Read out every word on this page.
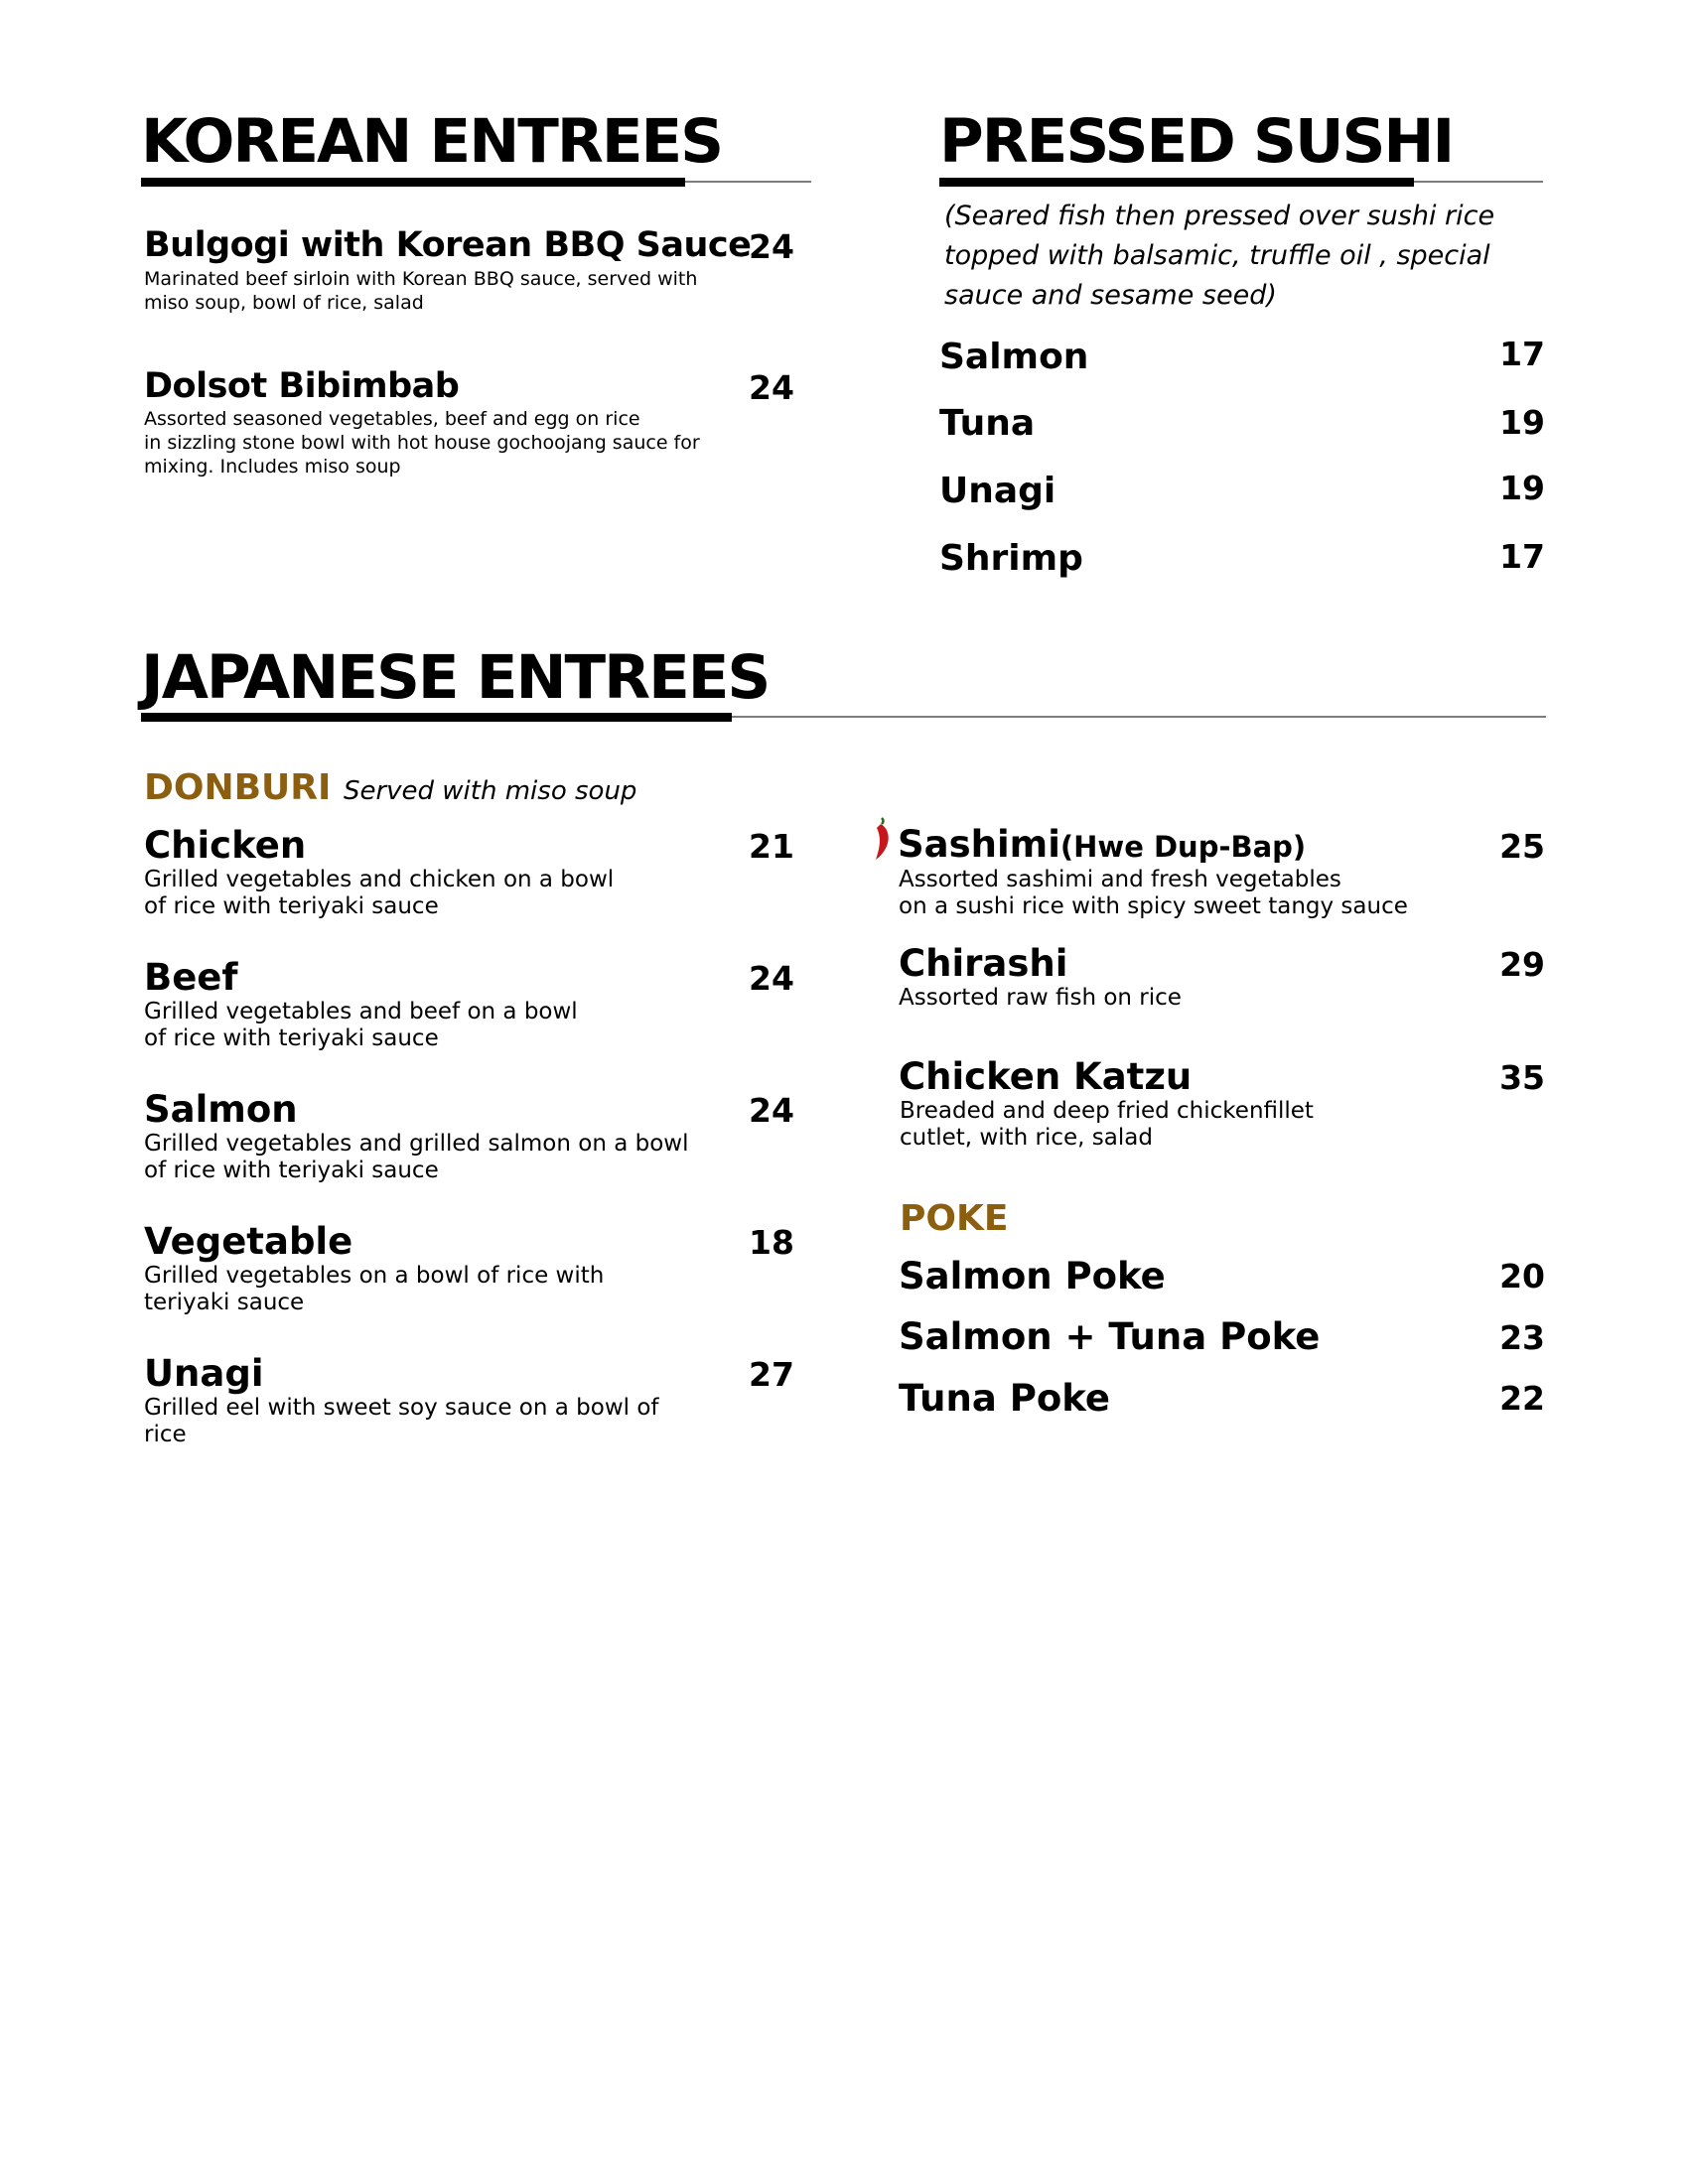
KOREAN ENTREES
Bulgogi with Korean BBQ Sauce
24
Marinated beef sirloin with Korean BBQ sauce, served with
miso soup, bowl of rice, salad
Dolsot Bibimbab	24
Assorted seasoned vegetables, beef and egg on rice
in sizzling stone bowl with hot house gochoojang sauce for
mixing. Includes miso soup
PRESSED SUSHI
(Seared fish then pressed over sushi rice
topped with balsamic, truffle oil , special
sauce and sesame seed)
Salmon	17
Tuna	19
Unagi	19
Shrimp	17
JAPANESE ENTREES
DONBURI Served with miso soup
Chicken	21
Grilled vegetables and chicken on a bowl
of rice with teriyaki sauce
Beef	24
Grilled vegetables and beef on a bowl
of rice with teriyaki sauce
Salmon	24
Grilled vegetables and grilled salmon on a bowl
of rice with teriyaki sauce
Vegetable	18
Grilled vegetables on a bowl of rice with
teriyaki sauce
Unagi	27
Grilled eel with sweet soy sauce on a bowl of
rice
Sashimi(Hwe Dup-Bap)	25
Assorted sashimi and fresh vegetables
on a sushi rice with spicy sweet tangy sauce
Chirashi	29
Assorted raw fish on rice
Chicken Katzu	35
Breaded and deep fried chickenfillet
cutlet, with rice, salad
POKE
Salmon Poke	20
Salmon + Tuna Poke	23
Tuna Poke	22
